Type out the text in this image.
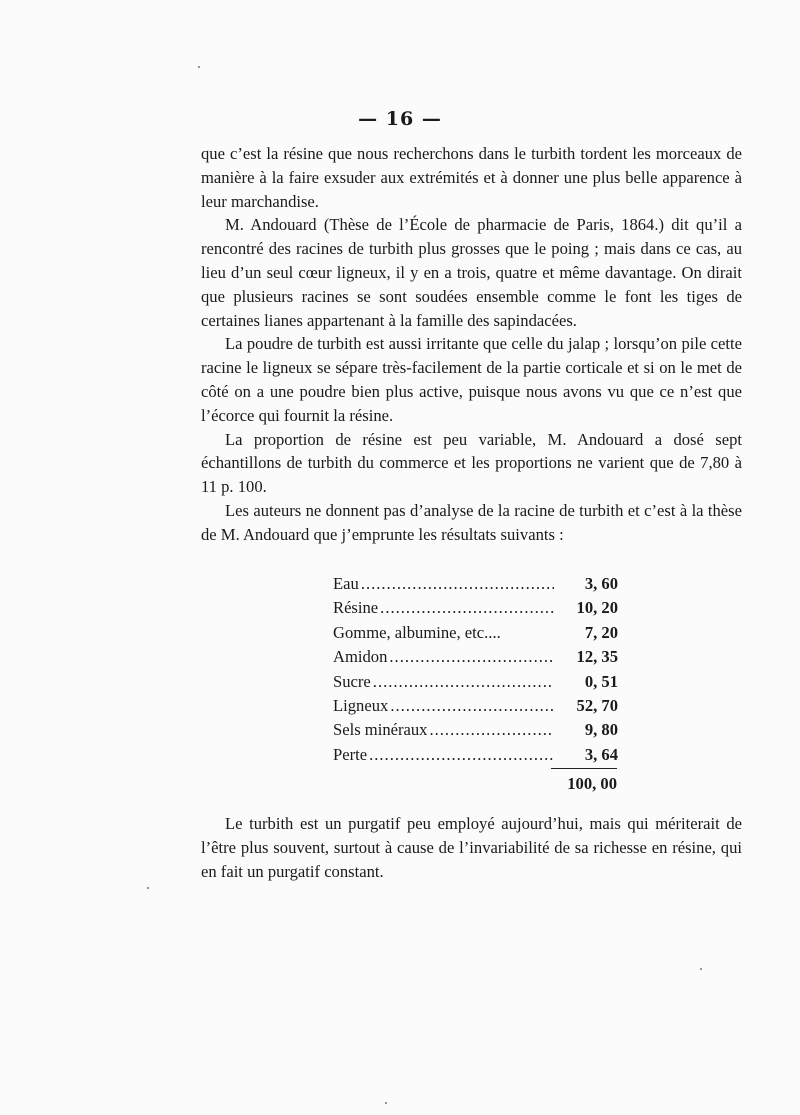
— 16 —

que c’est la résine que nous recherchons dans le turbith tordent les morceaux de manière à la faire exsuder aux extrémités et à donner une plus belle apparence à leur marchandise.

M. Andouard (Thèse de l’École de pharmacie de Paris, 1864.) dit qu’il a rencontré des racines de turbith plus grosses que le poing ; mais dans ce cas, au lieu d’un seul cœur ligneux, il y en a trois, quatre et même davantage. On dirait que plusieurs racines se sont soudées ensemble comme le font les tiges de certaines lianes appartenant à la famille des sapindacées.

La poudre de turbith est aussi irritante que celle du jalap ; lorsqu’on pile cette racine le ligneux se sépare très-facilement de la partie corticale et si on le met de côté on a une poudre bien plus active, puisque nous avons vu que ce n’est que l’écorce qui fournit la résine.

La proportion de résine est peu variable, M. Andouard a dosé sept échantillons de turbith du commerce et les proportions ne varient que de 7,80 à 11 p. 100.

Les auteurs ne donnent pas d’analyse de la racine de turbith et c’est à la thèse de M. Andouard que j’emprunte les résultats suivants :

Eau .....	3, 60
Résine .....	10, 20
Gomme, albumine, etc....	7, 20
Amidon .....	12, 35
Sucre .....	0, 51
Ligneux .....	52, 70
Sels minéraux .....	9, 80
Perte .....	3, 64
100, 00

Le turbith est un purgatif peu employé aujourd’hui, mais qui mériterait de l’être plus souvent, surtout à cause de l’invariabilité de sa richesse en résine, qui en fait un purgatif constant.
